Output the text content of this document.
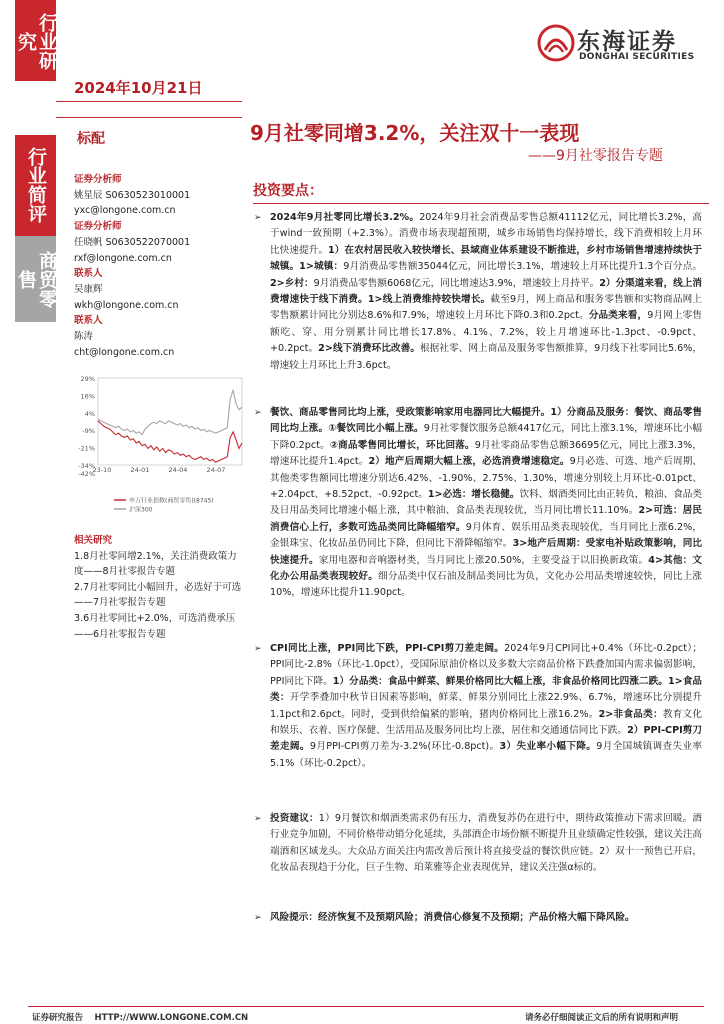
行业研究
行业简评
商贸零售
2024年10月21日
东海证券
DONGHAI SECURITIES
标配	9月社零同增3.2%，关注双十一表现
——9月社零报告专题
证券分析师
姚星辰 S0630523010001
yxc@longone.com.cn
证券分析师
任晓帆 S0630522070001
rxf@longone.com.cn
联系人
吴康辉
wkh@longone.com.cn
联系人
陈涛
cht@longone.com.cn
29%
16%
4%
-9%
-21%
-34%
-42%
23-10	24-01	24-04	24-07
申万行业指数(商贸零售)(8745)
沪深300
相关研究
1.8月社零同增2.1%，关注消费政策力度——8月社零报告专题
2.7月社零同比小幅回升，必选好于可选——7月社零报告专题
3.6月社零同比+2.0%，可选消费承压——6月社零报告专题
投资要点：
➢ 2024年9月社零同比增长3.2%。2024年9月社会消费品零售总额41112亿元，同比增长3.2%，高于wind一致预期（+2.3%）。消费市场表现超预期，城乡市场销售均保持增长，线下消费相较上月环比快速提升。1）在农村居民收入较快增长、县域商业体系建设不断推进，乡村市场销售增速持续快于城镇。1>城镇：9月消费品零售额35044亿元，同比增长3.1%，增速较上月环比提升1.3个百分点。2>乡村：9月消费品零售额6068亿元，同比增速达3.9%，增速较上月持平。2）分渠道来看，线上消费增速快于线下消费。1>线上消费维持较快增长。截至9月，网上商品和服务零售额和实物商品网上零售额累计同比分别达8.6%和7.9%，增速较上月环比下降0.3和0.2pct。分品类来看，9月网上零售额吃、穿、用分别累计同比增长17.8%、4.1%、7.2%，较上月增速环比-1.3pct、-0.9pct、+0.2pct。2>线下消费环比改善。根据社零、网上商品及服务零售额推算，9月线下社零同比5.6%，增速较上月环比上升3.6pct。
➢ 餐饮、商品零售同比均上涨，受政策影响家用电器同比大幅提升。1）分商品及服务：餐饮、商品零售同比均上涨。①餐饮同比小幅上涨。9月社零餐饮服务总额4417亿元，同比上涨3.1%，增速环比小幅下降0.2pct。②商品零售同比增长，环比回落。9月社零商品零售总额36695亿元，同比上涨3.3%，增速环比提升1.4pct。2）地产后周期大幅上涨，必选消费增速稳定。9月必选、可选、地产后周期、其他类零售额同比增速分别达6.42%、-1.90%、2.75%、1.30%，增速分别较上月环比-0.01pct、+2.04pct、+8.52pct、-0.92pct。1>必选：增长稳健。饮料、烟酒类同比由正转负，粮油、食品类及日用品类同比增速小幅上涨，其中粮油、食品类表现较优，当月同比增长11.10%。2>可选：居民消费信心上行，多数可选品类同比降幅缩窄。9月体育、娱乐用品类表现较优，当月同比上涨6.2%，金银珠宝、化妆品虽仍同比下降，但同比下滑降幅缩窄。3>地产后周期：受家电补贴政策影响，同比快速提升。家用电器和音响器材类，当月同比上涨20.50%，主要受益于以旧换新政策。4>其他：文化办公用品类表现较好。细分品类中仅石油及制品类同比为负，文化办公用品类增速较快，同比上涨10%，增速环比提升11.90pct。
➢ CPI同比上涨，PPI同比下跌，PPI-CPI剪刀差走阔。2024年9月CPI同比+0.4%（环比-0.2pct）；PPI同比-2.8%（环比-1.0pct），受国际原油价格以及多数大宗商品价格下跌叠加国内需求偏弱影响，PPI同比下降。1）分品类：食品中鲜菜、鲜果价格同比大幅上涨，非食品价格同比四涨二跌。1>食品类：开学季叠加中秋节日因素等影响，鲜菜、鲜果分别同比上涨22.9%、6.7%，增速环比分别提升1.1pct和2.6pct。同时，受到供给偏紧的影响，猪肉价格同比上涨16.2%。2>非食品类：教育文化和娱乐、衣着、医疗保健、生活用品及服务同比均上涨，居住和交通通信同比下跌。2）PPI-CPI剪刀差走阔。9月PPI-CPI剪刀差为-3.2%(环比-0.8pct)。3）失业率小幅下降。9月全国城镇调查失业率5.1%（环比-0.2pct）。
➢ 投资建议：1）9月餐饮和烟酒类需求仍有压力，消费复苏仍在进行中，期待政策推动下需求回暖。酒行业竞争加剧，不同价格带动销分化延续，头部酒企市场份额不断提升且业绩确定性较强，建议关注高端酒和区域龙头。大众品方面关注内需改善后预计将直接受益的餐饮供应链。2）双十一预售已开启，化妆品表现趋于分化，巨子生物、珀莱雅等企业表现优异，建议关注强α标的。
➢ 风险提示：经济恢复不及预期风险；消费信心修复不及预期；产品价格大幅下降风险。
证券研究报告　 HTTP://WWW.LONGONE.COM.CN	请务必仔细阅读正文后的所有说明和声明
